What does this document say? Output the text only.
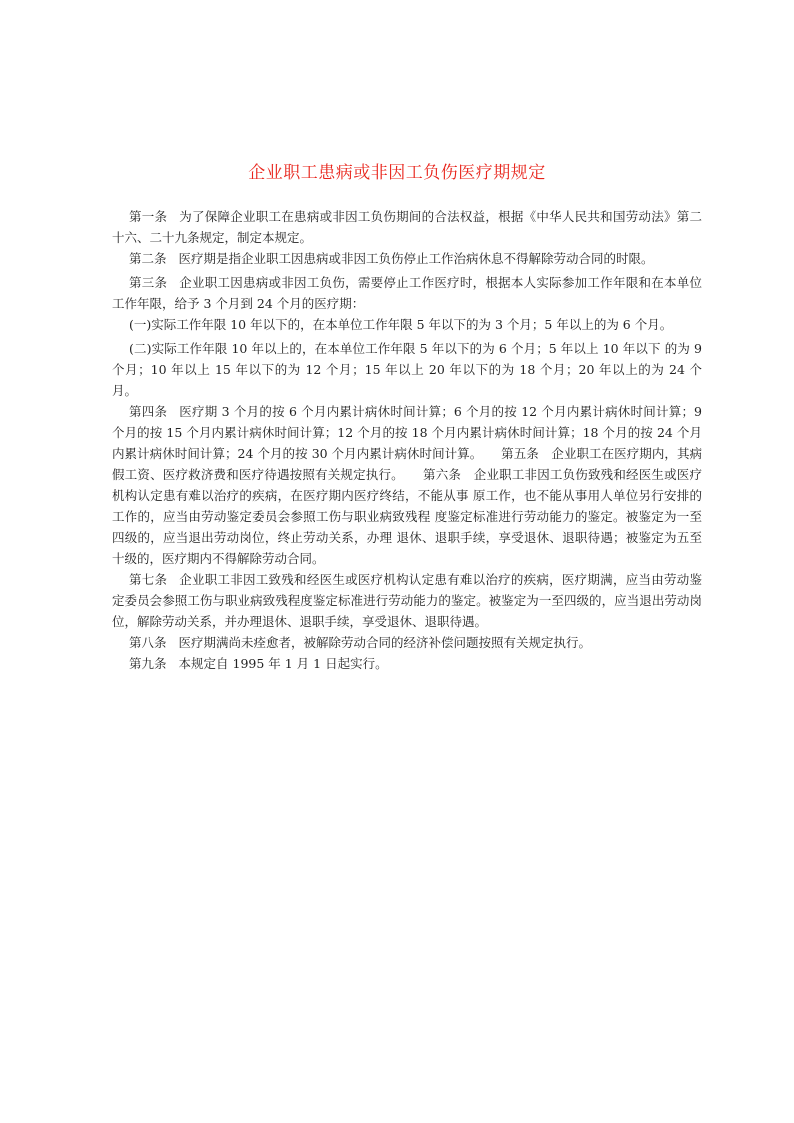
企业职工患病或非因工负伤医疗期规定

第一条 为了保障企业职工在患病或非因工负伤期间的合法权益，根据《中华人民共和国劳动法》第二十六、二十九条规定，制定本规定。

第二条 医疗期是指企业职工因患病或非因工负伤停止工作治病休息不得解除劳动合同的时限。

第三条 企业职工因患病或非因工负伤，需要停止工作医疗时，根据本人实际参加工作年限和在本单位工作年限，给予 3 个月到 24 个月的医疗期：

(一)实际工作年限 10 年以下的，在本单位工作年限 5 年以下的为 3 个月；5 年以上的为 6 个月。

(二)实际工作年限 10 年以上的，在本单位工作年限 5 年以下的为 6 个月；5 年以上 10 年以下 的为 9 个月；10 年以上 15 年以下的为 12 个月；15 年以上 20 年以下的为 18 个月；20 年以上的为 24 个月。

第四条 医疗期 3 个月的按 6 个月内累计病休时间计算；6 个月的按 12 个月内累计病休时间计算；9 个月的按 15 个月内累计病休时间计算；12 个月的按 18 个月内累计病休时间计算；18 个月的按 24 个月内累计病休时间计算；24 个月的按 30 个月内累计病休时间计算。　　第五条　企业职工在医疗期内，其病假工资、医疗救济费和医疗待遇按照有关规定执行。　　第六条　企业职工非因工负伤致残和经医生或医疗机构认定患有难以治疗的疾病，在医疗期内医疗终结，不能从事 原工作，也不能从事用人单位另行安排的工作的，应当由劳动鉴定委员会参照工伤与职业病致残程 度鉴定标准进行劳动能力的鉴定。被鉴定为一至四级的，应当退出劳动岗位，终止劳动关系，办理 退休、退职手续，享受退休、退职待遇；被鉴定为五至十级的，医疗期内不得解除劳动合同。

第七条 企业职工非因工致残和经医生或医疗机构认定患有难以治疗的疾病，医疗期满，应当由劳动鉴定委员会参照工伤与职业病致残程度鉴定标准进行劳动能力的鉴定。被鉴定为一至四级的，应当退出劳动岗位，解除劳动关系，并办理退休、退职手续，享受退休、退职待遇。

第八条 医疗期满尚未痊愈者，被解除劳动合同的经济补偿问题按照有关规定执行。

第九条 本规定自 1995 年 1 月 1 日起实行。
